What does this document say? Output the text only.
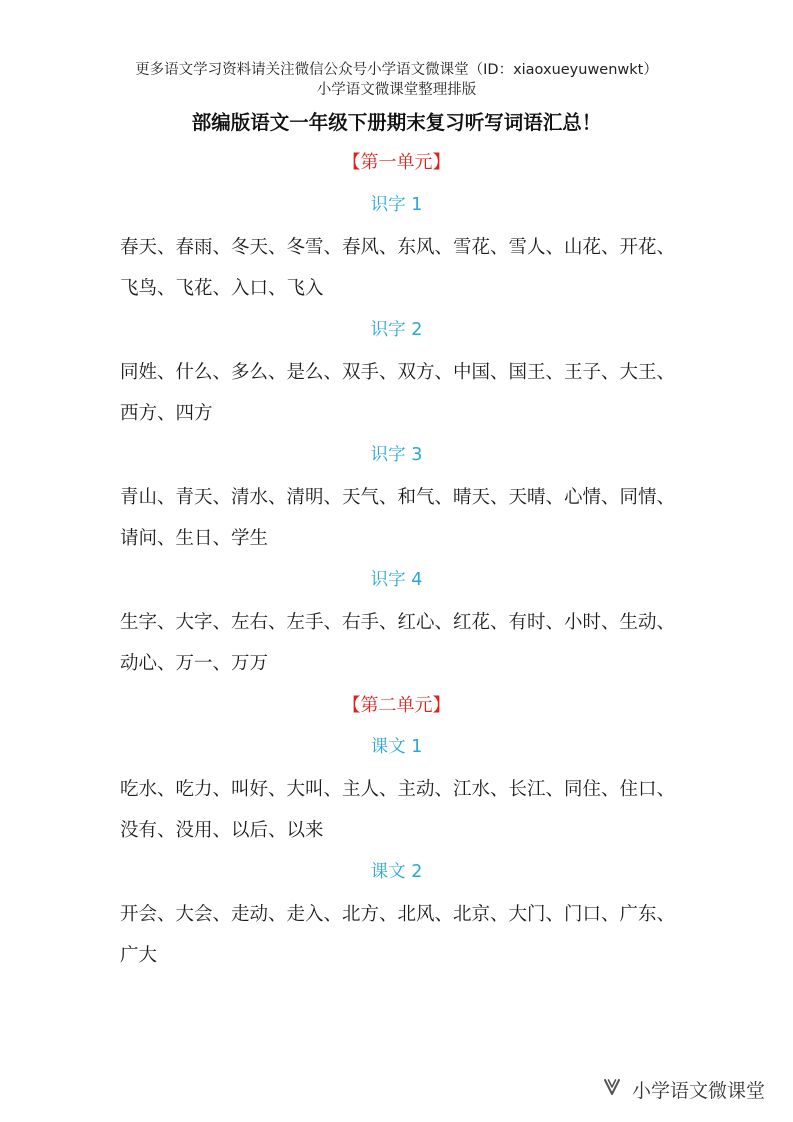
更多语文学习资料请关注微信公众号小学语文微课堂（ID：xiaoxueyuwenwkt）
小学语文微课堂整理排版
部编版语文一年级下册期末复习听写词语汇总！
【第一单元】
识字 1
春天、春雨、冬天、冬雪、春风、东风、雪花、雪人、山花、开花、
飞鸟、飞花、入口、飞入
识字 2
同姓、什么、多么、是么、双手、双方、中国、国王、王子、大王、
西方、四方
识字 3
青山、青天、清水、清明、天气、和气、晴天、天晴、心情、同情、
请问、生日、学生
识字 4
生字、大字、左右、左手、右手、红心、红花、有时、小时、生动、
动心、万一、万万
【第二单元】
课文 1
吃水、吃力、叫好、大叫、主人、主动、江水、长江、同住、住口、
没有、没用、以后、以来
课文 2
开会、大会、走动、走入、北方、北风、北京、大门、门口、广东、
广大
小学语文微课堂
